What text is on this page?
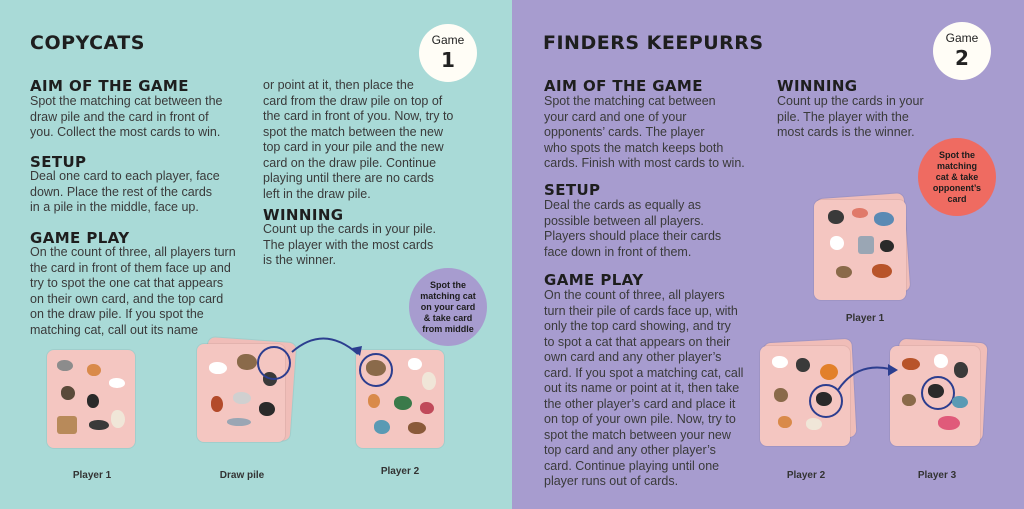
COPYCATS	Game
1
AIM OF THE GAME

Spot the matching cat between the
draw pile and the card in front of
you. Collect the most cards to win.

SETUP

Deal one card to each player, face
down. Place the rest of the cards
in a pile in the middle, face up.

GAME PLAY

On the count of three, all players turn
the card in front of them face up and
try to spot the one cat that appears
on their own card, and the top card
on the draw pile. If you spot the
matching cat, call out its name

or point at it, then place the
card from the draw pile on top of
the card in front of you. Now, try to
spot the match between the new
top card in your pile and the new
card on the draw pile. Continue
playing until there are no cards
left in the draw pile.

WINNING

Count up the cards in your pile.
The player with the most cards
is the winner.

Spot the
matching cat
on your card
& take card
from middle
Player 1	Draw pile	Player 2
FINDERS KEEPURRS	Game
2
AIM OF THE GAME

Spot the matching cat between
your card and one of your
opponents’ cards. The player
who spots the match keeps both
cards. Finish with most cards to win.

WINNING

Count up the cards in your
pile. The player with the
most cards is the winner.

SETUP

Deal the cards as equally as
possible between all players.
Players should place their cards
face down in front of them.

GAME PLAY

On the count of three, all players
turn their pile of cards face up, with
only the top card showing, and try
to spot a cat that appears on their
own card and any other player’s
card. If you spot a matching cat, call
out its name or point at it, then take
the other player’s card and place it
on top of your own pile. Now, try to
spot the match between your new
top card and any other player’s
card. Continue playing until one
player runs out of cards.

Spot the
matching
cat & take
opponent’s
card
Player 1
Player 2	Player 3
